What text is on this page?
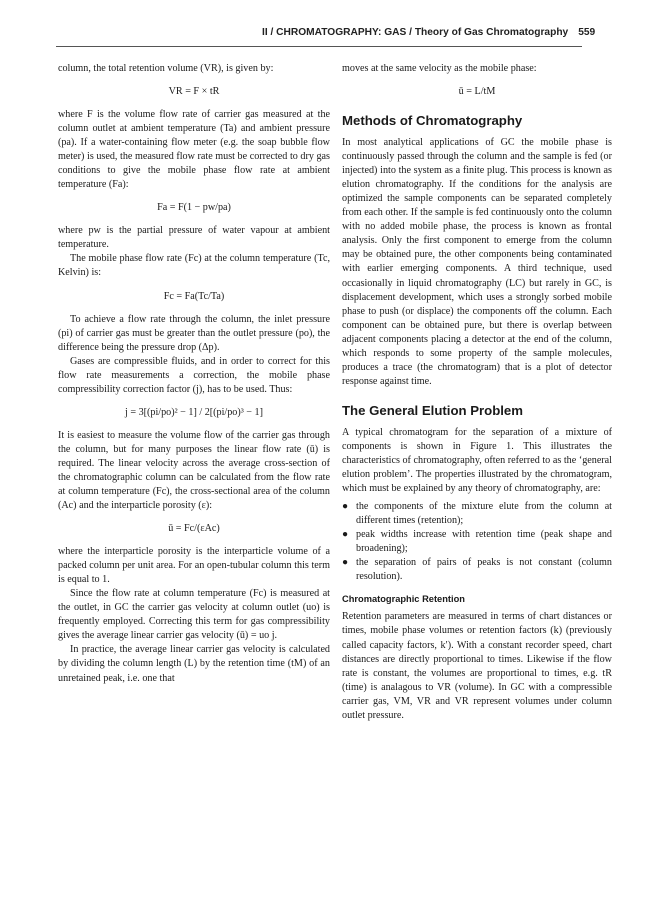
II / CHROMATOGRAPHY: GAS / Theory of Gas Chromatography 559

column, the total retention volume (VR), is given by:

VR = F × tR

where F is the volume flow rate of carrier gas measured at the column outlet at ambient temperature (Ta) and ambient pressure (pa). If a water-containing flow meter (e.g. the soap bubble flow meter) is used, the measured flow rate must be corrected to dry gas conditions to give the mobile phase flow rate at ambient temperature (Fa):

Fa = F(1 − pw/pa)

where pw is the partial pressure of water vapour at ambient temperature.

The mobile phase flow rate (Fc) at the column temperature (Tc, Kelvin) is:

Fc = Fa(Tc/Ta)

To achieve a flow rate through the column, the inlet pressure (pi) of carrier gas must be greater than the outlet pressure (po), the difference being the pressure drop (Δp).

Gases are compressible fluids, and in order to correct for this flow rate measurements a correction, the mobile phase compressibility correction factor (j), has to be used. Thus:

j = 3[(pi/po)² − 1] / 2[(pi/po)³ − 1]

It is easiest to measure the volume flow of the carrier gas through the column, but for many purposes the linear flow rate (ū) is required. The linear velocity across the average cross-section of the chromatographic column can be calculated from the flow rate at column temperature (Fc), the cross-sectional area of the column (Ac) and the interparticle porosity (ε):

ū = Fc/(εAc)

where the interparticle porosity is the interparticle volume of a packed column per unit area. For an open-tubular column this term is equal to 1.

Since the flow rate at column temperature (Fc) is measured at the outlet, in GC the carrier gas velocity at column outlet (uo) is frequently employed. Correcting this term for gas compressibility gives the average linear carrier gas velocity (ū) = uo j.

In practice, the average linear carrier gas velocity is calculated by dividing the column length (L) by the retention time (tM) of an unretained peak, i.e. one that

moves at the same velocity as the mobile phase:

ū = L/tM
Methods of Chromatography

In most analytical applications of GC the mobile phase is continuously passed through the column and the sample is fed (or injected) into the system as a finite plug. This process is known as elution chromatography. If the conditions for the analysis are optimized the sample components can be separated completely from each other. If the sample is fed continuously onto the column with no added mobile phase, the process is known as frontal analysis. Only the first component to emerge from the column may be obtained pure, the other components being contaminated with earlier emerging components. A third technique, used occasionally in liquid chromatography (LC) but rarely in GC, is displacement development, which uses a strongly sorbed mobile phase to push (or displace) the components off the column. Each component can be obtained pure, but there is overlap between adjacent components placing a detector at the end of the column, which responds to some property of the sample molecules, produces a trace (the chromatogram) that is a plot of detector response against time.

The General Elution Problem

A typical chromatogram for the separation of a mixture of components is shown in Figure 1. This illustrates the characteristics of chromatography, often referred to as the ‘general elution problem’. The properties illustrated by the chromatogram, which must be explained by any theory of chromatography, are:

● the components of the mixture elute from the column at different times (retention);
● peak widths increase with retention time (peak shape and broadening);
● the separation of pairs of peaks is not constant (column resolution).
Chromatographic Retention

Retention parameters are measured in terms of chart distances or times, mobile phase volumes or retention factors (k) (previously called capacity factors, k′). With a constant recorder speed, chart distances are directly proportional to times. Likewise if the flow rate is constant, the volumes are proportional to times, e.g. tR (time) is analagous to VR (volume). In GC with a compressible carrier gas, VM, VR and VR represent volumes under column outlet pressure.
